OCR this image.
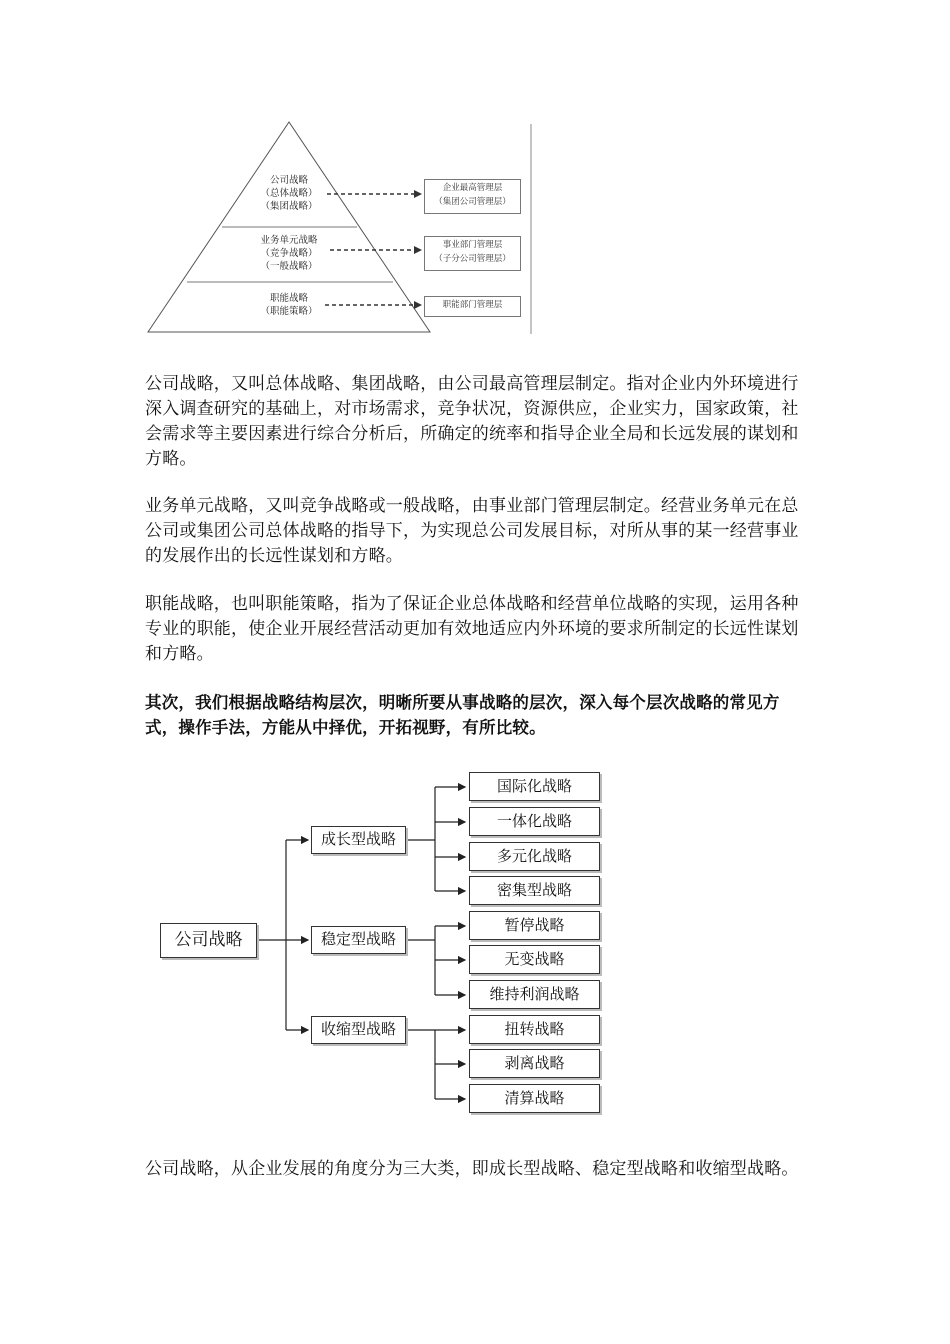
公司战略
（总体战略）
（集团战略）
业务单元战略
（竞争战略）
（一般战略）
职能战略
（职能策略）
企业最高管理层
（集团公司管理层）
事业部门管理层
（子分公司管理层）
职能部门管理层

公司战略，又叫总体战略、集团战略，由公司最高管理层制定。指对企业内外环境进行深入调查研究的基础上，对市场需求，竞争状况，资源供应，企业实力，国家政策，社会需求等主要因素进行综合分析后，所确定的统率和指导企业全局和长远发展的谋划和方略。

业务单元战略，又叫竞争战略或一般战略，由事业部门管理层制定。经营业务单元在总公司或集团公司总体战略的指导下，为实现总公司发展目标，对所从事的某一经营事业的发展作出的长远性谋划和方略。

职能战略，也叫职能策略，指为了保证企业总体战略和经营单位战略的实现，运用各种专业的职能，使企业开展经营活动更加有效地适应内外环境的要求所制定的长远性谋划和方略。

其次，我们根据战略结构层次，明晰所要从事战略的层次，深入每个层次战略的常见方式，操作手法，方能从中择优，开拓视野，有所比较。

公司战略
成长型战略
稳定型战略
收缩型战略
国际化战略
一体化战略
多元化战略
密集型战略
暂停战略
无变战略
维持利润战略
扭转战略
剥离战略
清算战略

公司战略，从企业发展的角度分为三大类，即成长型战略、稳定型战略和收缩型战略。
